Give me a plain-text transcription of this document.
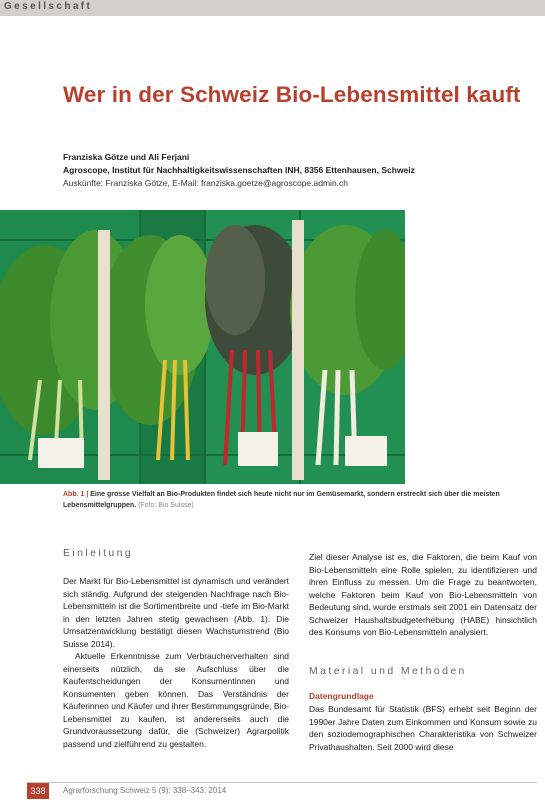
Gesellschaft
Wer in der Schweiz Bio-Lebensmittel kauft
Franziska Götze und Ali Ferjani
Agroscope, Institut für Nachhaltigkeitswissenschaften INH, 8356 Ettenhausen, Schweiz
Auskünfte: Franziska Götze, E-Mail: franziska.goetze@agroscope.admin.ch
Abb. 1 | Eine grosse Vielfalt an Bio-Produkten findet sich heute nicht nur im Gemüsemarkt, sondern erstreckt sich über die meisten Lebensmittelgruppen. (Foto: Bio Suisse)
Einleitung

Der Markt für Bio-Lebensmittel ist dynamisch und verändert sich ständig. Aufgrund der steigenden Nachfrage nach Bio-Lebensmitteln ist die Sortimentbreite und -tiefe im Bio-Markt in den letzten Jahren stetig gewachsen (Abb. 1). Die Umsatzentwicklung bestätigt diesen Wachstumstrend (Bio Suisse 2014).

Aktuelle Erkenntnisse zum Verbraucherverhalten sind einerseits nützlich, da sie Aufschluss über die Kaufentscheidungen der Konsumentinnen und Konsumenten geben können. Das Verständnis der Käuferinnen und Käufer und ihrer Bestimmungsgründe, Bio-Lebensmittel zu kaufen, ist andererseits auch die Grundvoraussetzung dafür, die (Schweizer) Agrarpolitik passend und zielführend zu gestalten.

Ziel dieser Analyse ist es, die Faktoren, die beim Kauf von Bio-Lebensmitteln eine Rolle spielen, zu identifizieren und ihren Einfluss zu messen. Um die Frage zu beantworten, welche Faktoren beim Kauf von Bio-Lebensmitteln von Bedeutung sind, wurde erstmals seit 2001 ein Datensatz der Schweizer Haushaltsbudgeterhebung (HABE) hinsichtlich des Konsums von Bio-Lebensmitteln analysiert.
Material und Methoden
Datengrundlage
Das Bundesamt für Statistik (BFS) erhebt seit Beginn der 1990er Jahre Daten zum Einkommen und Konsum sowie zu den soziodemographischen Charakteristika von Schweizer Privathaushalten. Seit 2000 wird diese
338	Agrarforschung Schweiz 5 (9): 338–343, 2014
